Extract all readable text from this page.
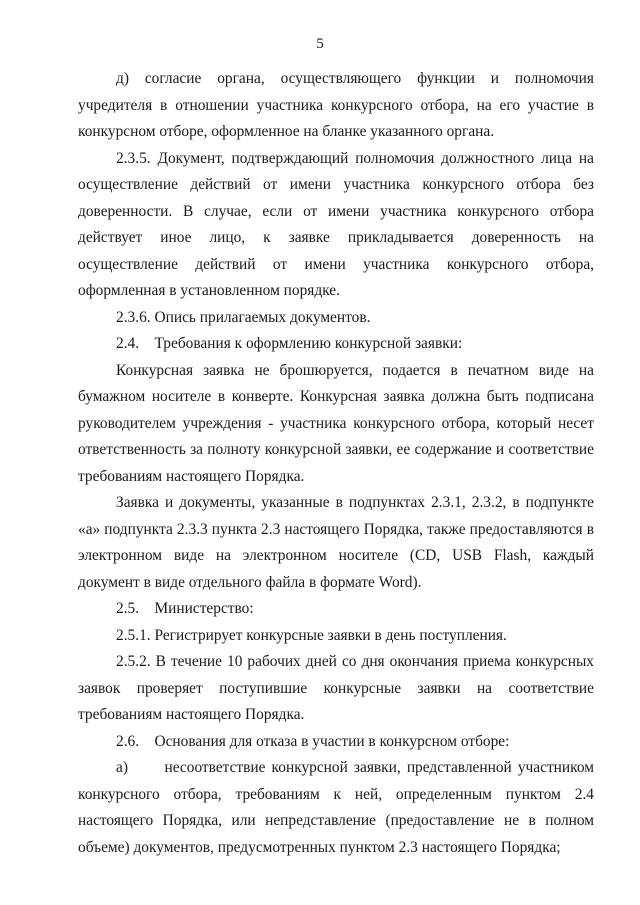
5

д) согласие органа, осуществляющего функции и полномочия учредителя в отношении участника конкурсного отбора, на его участие в конкурсном отборе, оформленное на бланке указанного органа.

2.3.5. Документ, подтверждающий полномочия должностного лица на осуществление действий от имени участника конкурсного отбора без доверенности. В случае, если от имени участника конкурсного отбора действует иное лицо, к заявке прикладывается доверенность на осуществление действий от имени участника конкурсного отбора, оформленная в установленном порядке.

2.3.6. Опись прилагаемых документов.

2.4.    Требования к оформлению конкурсной заявки:

Конкурсная заявка не брошюруется, подается в печатном виде на бумажном носителе в конверте. Конкурсная заявка должна быть подписана руководителем учреждения - участника конкурсного отбора, который несет ответственность за полноту конкурсной заявки, ее содержание и соответствие требованиям настоящего Порядка.

Заявка и документы, указанные в подпунктах 2.3.1, 2.3.2, в подпункте «а» подпункта 2.3.3 пункта 2.3 настоящего Порядка, также предоставляются в электронном виде на электронном носителе (CD, USB Flash, каждый документ в виде отдельного файла в формате Word).

2.5.    Министерство:

2.5.1. Регистрирует конкурсные заявки в день поступления.

2.5.2. В течение 10 рабочих дней со дня окончания приема конкурсных заявок проверяет поступившие конкурсные заявки на соответствие требованиям настоящего Порядка.

2.6.    Основания для отказа в участии в конкурсном отборе:

а)      несоответствие конкурсной заявки, представленной участником конкурсного отбора, требованиям к ней, определенным пунктом 2.4 настоящего Порядка, или непредставление (предоставление не в полном объеме) документов, предусмотренных пунктом 2.3 настоящего Порядка;
